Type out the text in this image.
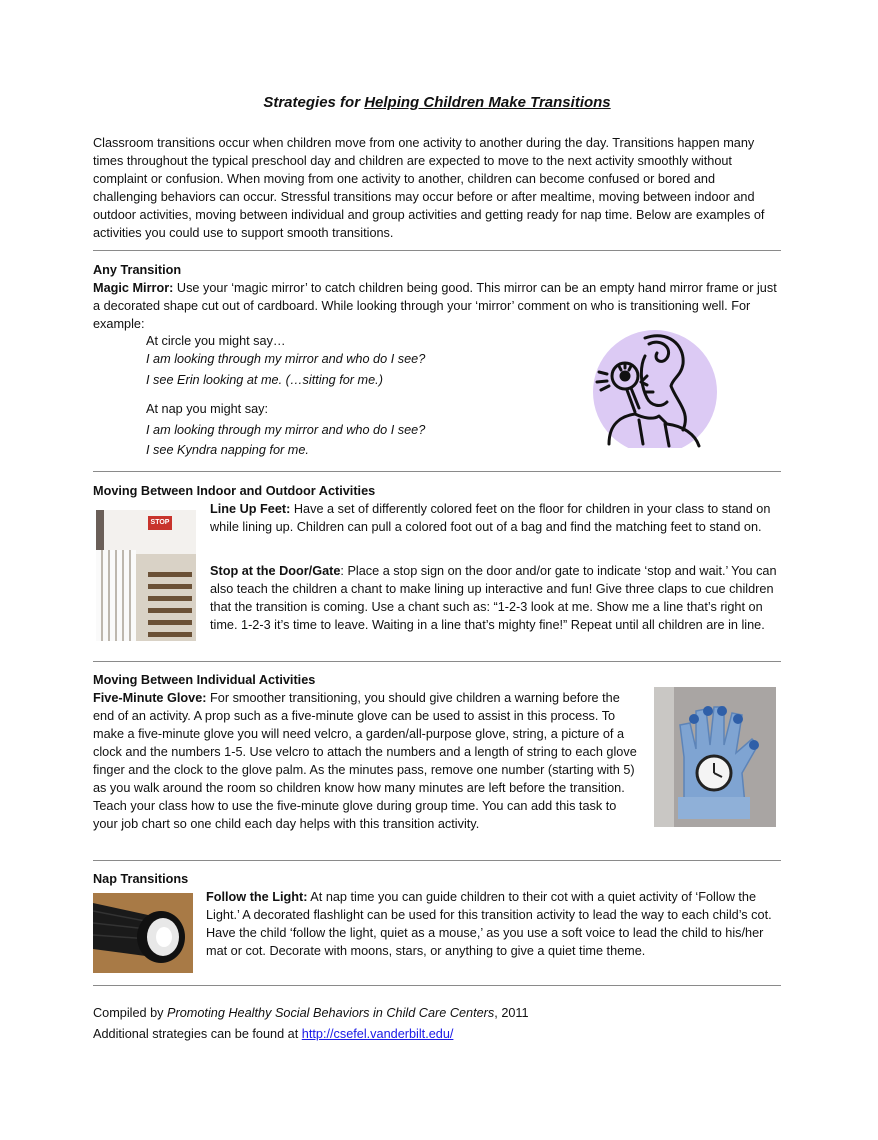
Strategies for Helping Children Make Transitions

Classroom transitions occur when children move from one activity to another during the day. Transitions happen many times throughout the typical preschool day and children are expected to move to the next activity smoothly without complaint or confusion. When moving from one activity to another, children can become confused or bored and challenging behaviors can occur. Stressful transitions may occur before or after mealtime, moving between indoor and outdoor activities, moving between individual and group activities and getting ready for nap time. Below are examples of activities you could use to support smooth transitions.

Any Transition

Magic Mirror: Use your ‘magic mirror’ to catch children being good. This mirror can be an empty hand mirror frame or just a decorated shape cut out of cardboard. While looking through your ‘mirror’ comment on who is transitioning well. For example:

At circle you might say…

I am looking through my mirror and who do I see?

I see Erin looking at me. (…sitting for me.)

At nap you might say:

I am looking through my mirror and who do I see?

I see Kyndra napping for me.

Moving Between Indoor and Outdoor Activities

Line Up Feet: Have a set of differently colored feet on the floor for children in your class to stand on while lining up. Children can pull a colored foot out of a bag and find the matching feet to stand on.

Stop at the Door/Gate: Place a stop sign on the door and/or gate to indicate ‘stop and wait.’ You can also teach the children a chant to make lining up interactive and fun! Give three claps to cue children that the transition is coming. Use a chant such as: “1-2-3 look at me. Show me a line that’s right on time. 1-2-3 it’s time to leave. Waiting in a line that’s mighty fine!” Repeat until all children are in line.

STOP

Moving Between Individual Activities

Five-Minute Glove: For smoother transitioning, you should give children a warning before the end of an activity. A prop such as a five-minute glove can be used to assist in this process. To make a five-minute glove you will need velcro, a garden/all-purpose glove, string, a picture of a clock and the numbers 1-5. Use velcro to attach the numbers and a length of string to each glove finger and the clock to the glove palm. As the minutes pass, remove one number (starting with 5) as you walk around the room so children know how many minutes are left before the transition. Teach your class how to use the five-minute glove during group time. You can add this task to your job chart so one child each day helps with this transition activity.

Nap Transitions

Follow the Light: At nap time you can guide children to their cot with a quiet activity of ‘Follow the Light.’ A decorated flashlight can be used for this transition activity to lead the way to each child’s cot. Have the child ‘follow the light, quiet as a mouse,’ as you use a soft voice to lead the child to his/her mat or cot. Decorate with moons, stars, or anything to give a quiet time theme.

Compiled by Promoting Healthy Social Behaviors in Child Care Centers, 2011

Additional strategies can be found at http://csefel.vanderbilt.edu/
